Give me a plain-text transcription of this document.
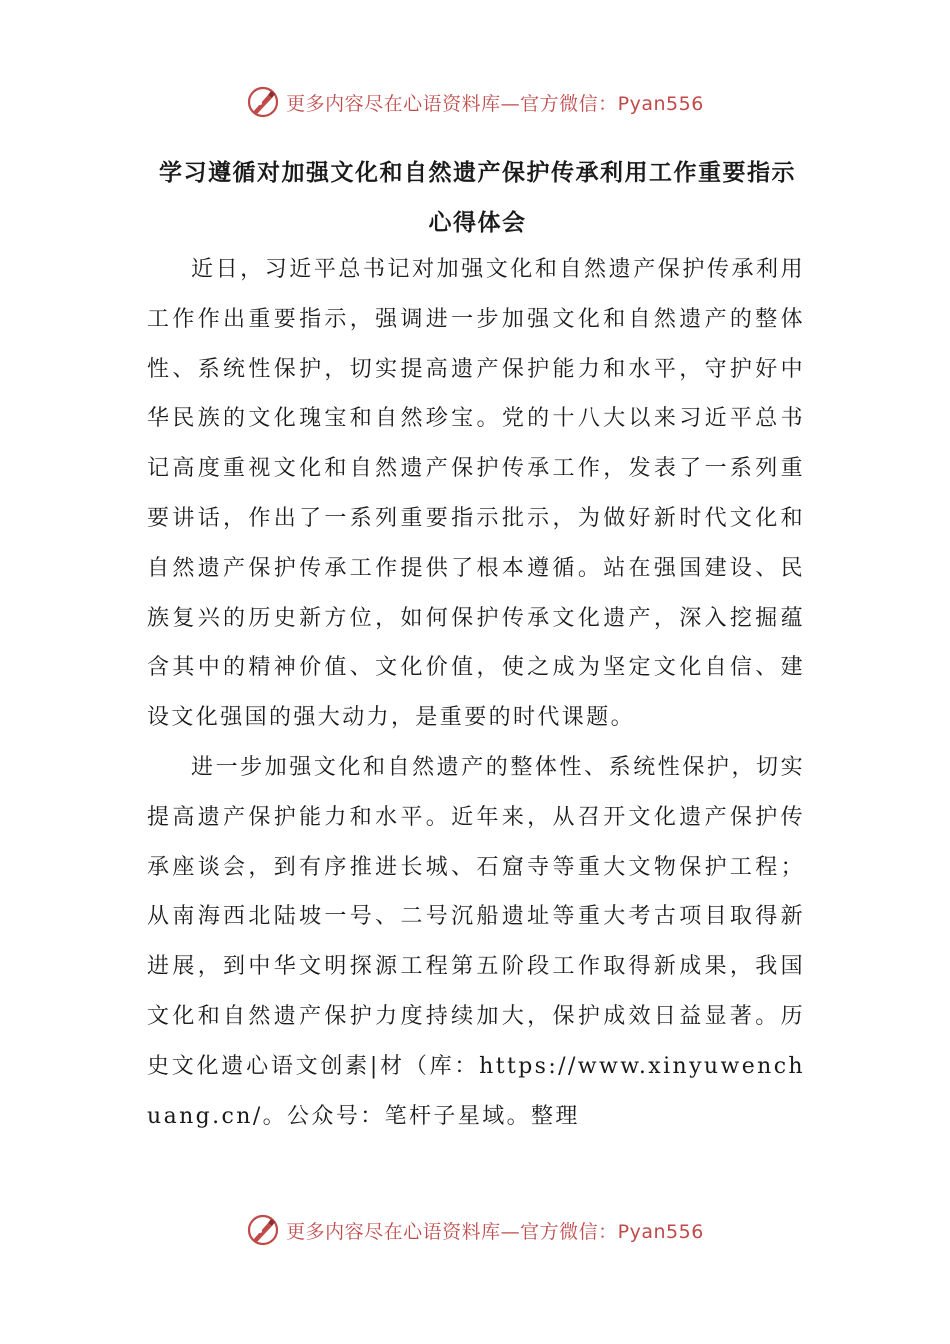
更多内容尽在心语资料库—官方微信：Pyan556
学习遵循对加强文化和自然遗产保护传承利用工作重要指示心得体会

近日，习近平总书记对加强文化和自然遗产保护传承利用工作作出重要指示，强调进一步加强文化和自然遗产的整体性、系统性保护，切实提高遗产保护能力和水平，守护好中华民族的文化瑰宝和自然珍宝。党的十八大以来习近平总书记高度重视文化和自然遗产保护传承工作，发表了一系列重要讲话，作出了一系列重要指示批示，为做好新时代文化和自然遗产保护传承工作提供了根本遵循。站在强国建设、民族复兴的历史新方位，如何保护传承文化遗产，深入挖掘蕴含其中的精神价值、文化价值，使之成为坚定文化自信、建设文化强国的强大动力，是重要的时代课题。

进一步加强文化和自然遗产的整体性、系统性保护，切实提高遗产保护能力和水平。近年来，从召开文化遗产保护传承座谈会，到有序推进长城、石窟寺等重大文物保护工程；从南海西北陆坡一号、二号沉船遗址等重大考古项目取得新进展，到中华文明探源工程第五阶段工作取得新成果，我国文化和自然遗产保护力度持续加大，保护成效日益显著。历史文化遗心语文创素|材（库：https://www.xinyuwenchuang.cn/。公众号：笔杆子星域。整理

更多内容尽在心语资料库—官方微信：Pyan556
